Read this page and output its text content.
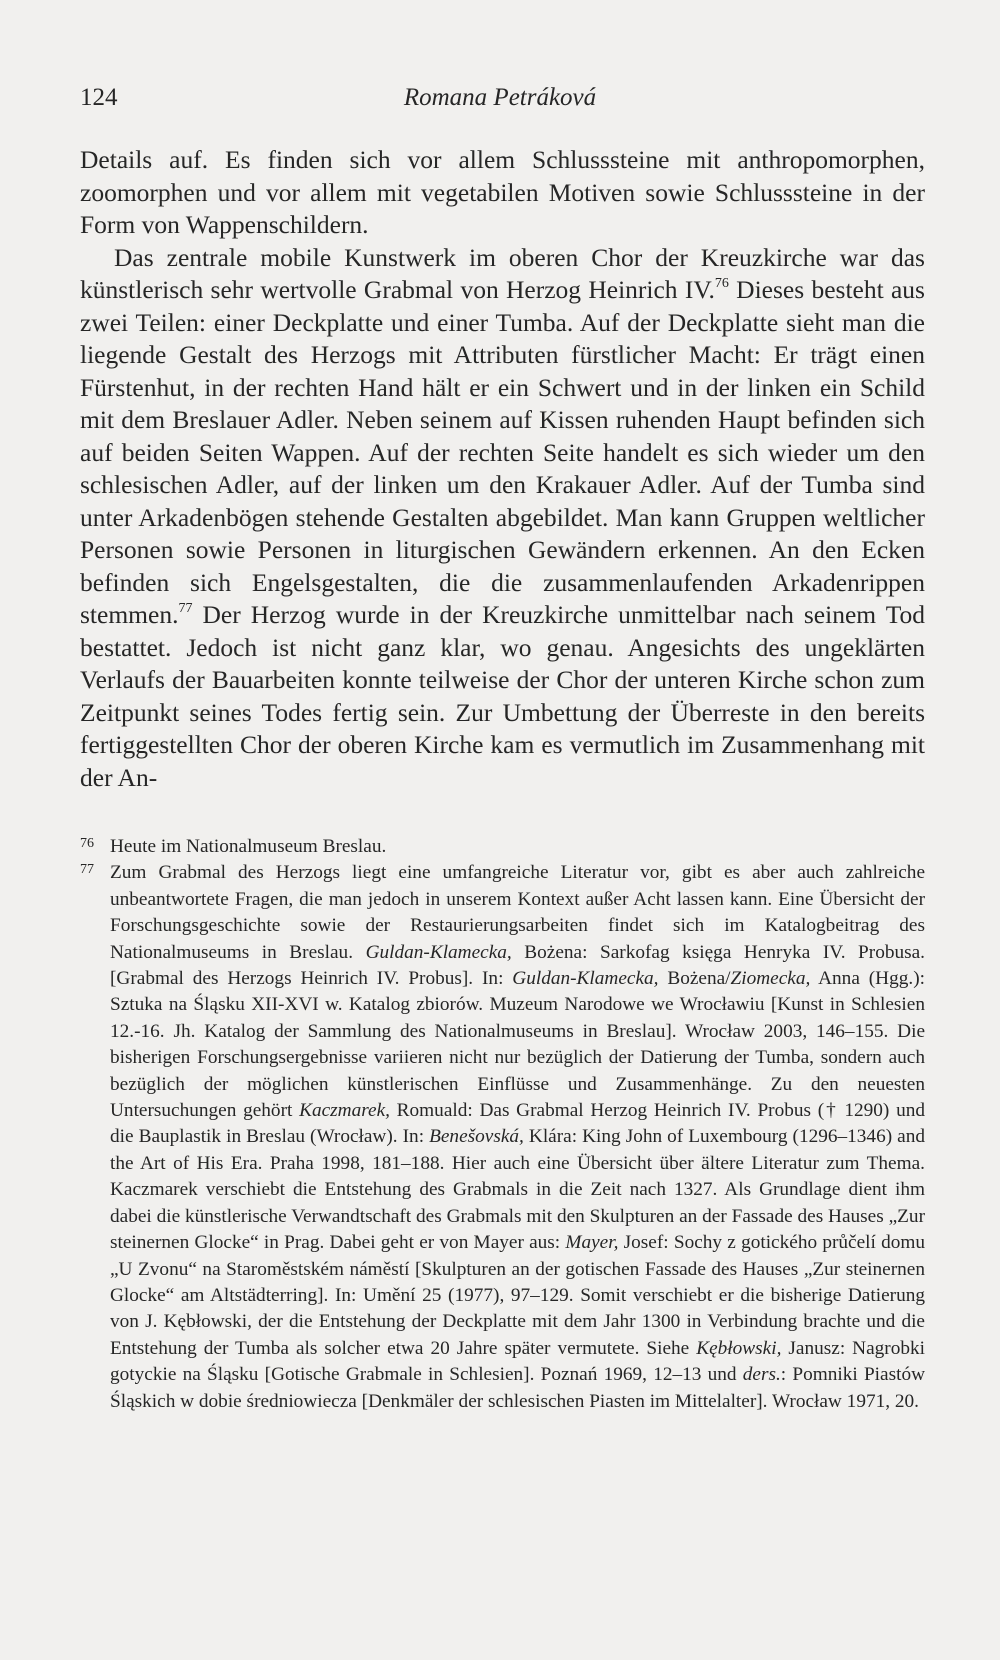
124	Romana Petráková

Details auf. Es finden sich vor allem Schlusssteine mit anthropomorphen, zoomorphen und vor allem mit vegetabilen Motiven sowie Schlusssteine in der Form von Wappenschildern.

Das zentrale mobile Kunstwerk im oberen Chor der Kreuzkirche war das künstlerisch sehr wertvolle Grabmal von Herzog Heinrich IV.$^{76}$ Dieses besteht aus zwei Teilen: einer Deckplatte und einer Tumba. Auf der Deckplatte sieht man die liegende Gestalt des Herzogs mit Attributen fürstlicher Macht: Er trägt einen Fürstenhut, in der rechten Hand hält er ein Schwert und in der linken ein Schild mit dem Breslauer Adler. Neben seinem auf Kissen ruhenden Haupt befinden sich auf beiden Seiten Wappen. Auf der rechten Seite handelt es sich wieder um den schlesischen Adler, auf der linken um den Krakauer Adler. Auf der Tumba sind unter Arkadenbögen stehende Gestalten abgebildet. Man kann Gruppen weltlicher Personen sowie Personen in liturgischen Gewändern erkennen. An den Ecken befinden sich Engelsgestalten, die die zusammenlaufenden Arkadenrippen stemmen.$^{77}$ Der Herzog wurde in der Kreuzkirche unmittelbar nach seinem Tod bestattet. Jedoch ist nicht ganz klar, wo genau. Angesichts des ungeklärten Verlaufs der Bauarbeiten konnte teilweise der Chor der unteren Kirche schon zum Zeitpunkt seines Todes fertig sein. Zur Umbettung der Überreste in den bereits fertiggestellten Chor der oberen Kirche kam es vermutlich im Zusammenhang mit der An-

76 Heute im Nationalmuseum Breslau.
77 Zum Grabmal des Herzogs liegt eine umfangreiche Literatur vor, gibt es aber auch zahlreiche unbeantwortete Fragen, die man jedoch in unserem Kontext außer Acht lassen kann. Eine Übersicht der Forschungsgeschichte sowie der Restaurierungsarbeiten findet sich im Katalogbeitrag des Nationalmuseums in Breslau. Guldan-Klamecka, Bożena: Sarkofag księga Henryka IV. Probusa. [Grabmal des Herzogs Heinrich IV. Probus]. In: Guldan-Klamecka, Bożena/Ziomecka, Anna (Hgg.): Sztuka na Śląsku XII-XVI w. Katalog zbiorów. Muzeum Narodowe we Wrocławiu [Kunst in Schlesien 12.-16. Jh. Katalog der Sammlung des Nationalmuseums in Breslau]. Wrocław 2003, 146–155. Die bisherigen Forschungsergebnisse variieren nicht nur bezüglich der Datierung der Tumba, sondern auch bezüglich der möglichen künstlerischen Einflüsse und Zusammenhänge. Zu den neuesten Untersuchungen gehört Kaczmarek, Romuald: Das Grabmal Herzog Heinrich IV. Probus († 1290) und die Bauplastik in Breslau (Wrocław). In: Benešovská, Klára: King John of Luxembourg (1296–1346) and the Art of His Era. Praha 1998, 181–188. Hier auch eine Übersicht über ältere Literatur zum Thema. Kaczmarek verschiebt die Entstehung des Grabmals in die Zeit nach 1327. Als Grundlage dient ihm dabei die künstlerische Verwandtschaft des Grabmals mit den Skulpturen an der Fassade des Hauses „Zur steinernen Glocke“ in Prag. Dabei geht er von Mayer aus: Mayer, Josef: Sochy z gotického průčelí domu „U Zvonu“ na Staroměstském náměstí [Skulpturen an der gotischen Fassade des Hauses „Zur steinernen Glocke“ am Altstädterring]. In: Umění 25 (1977), 97–129. Somit verschiebt er die bisherige Datierung von J. Kębłowski, der die Entstehung der Deckplatte mit dem Jahr 1300 in Verbindung brachte und die Entstehung der Tumba als solcher etwa 20 Jahre später vermutete. Siehe Kębłowski, Janusz: Nagrobki gotyckie na Śląsku [Gotische Grabmale in Schlesien]. Poznań 1969, 12–13 und ders.: Pomniki Piastów Śląskich w dobie średniowiecza [Denkmäler der schlesischen Piasten im Mittelalter]. Wrocław 1971, 20.
